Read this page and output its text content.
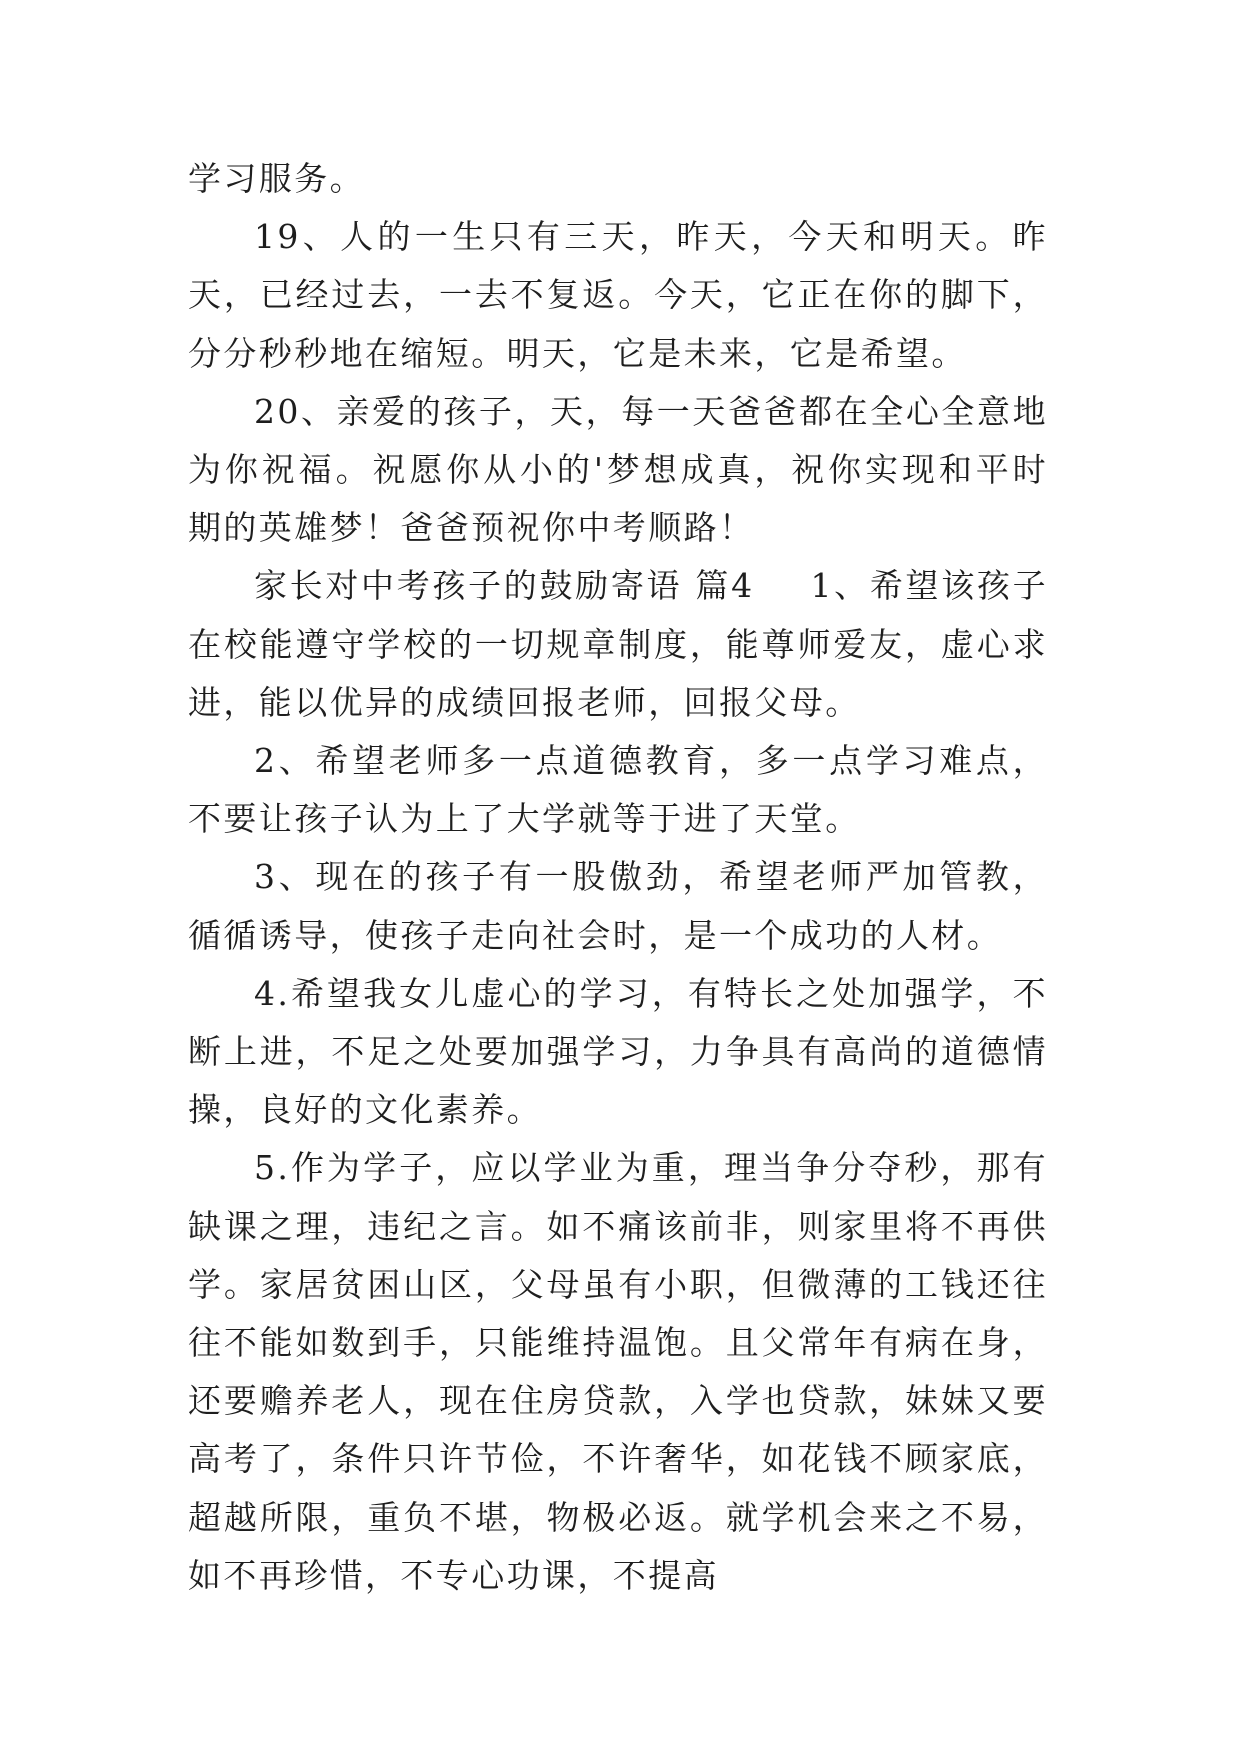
学习服务。

19、人的一生只有三天，昨天，今天和明天。昨天，已经过去，一去不复返。今天，它正在你的脚下，分分秒秒地在缩短。明天，它是未来，它是希望。

20、亲爱的孩子，天，每一天爸爸都在全心全意地为你祝福。祝愿你从小的'梦想成真，祝你实现和平时期的英雄梦！爸爸预祝你中考顺路！

家长对中考孩子的鼓励寄语 篇4 1、希望该孩子在校能遵守学校的一切规章制度，能尊师爱友，虚心求进，能以优异的成绩回报老师，回报父母。

2、希望老师多一点道德教育，多一点学习难点，不要让孩子认为上了大学就等于进了天堂。

3、现在的孩子有一股傲劲，希望老师严加管教，循循诱导，使孩子走向社会时，是一个成功的人材。

4.希望我女儿虚心的学习，有特长之处加强学，不断上进，不足之处要加强学习，力争具有高尚的道德情操，良好的文化素养。

5.作为学子，应以学业为重，理当争分夺秒，那有缺课之理，违纪之言。如不痛该前非，则家里将不再供学。家居贫困山区，父母虽有小职，但微薄的工钱还往往不能如数到手，只能维持温饱。且父常年有病在身，还要赡养老人，现在住房贷款，入学也贷款，妹妹又要高考了，条件只许节俭，不许奢华，如花钱不顾家底，超越所限，重负不堪，物极必返。就学机会来之不易，如不再珍惜，不专心功课，不提高
